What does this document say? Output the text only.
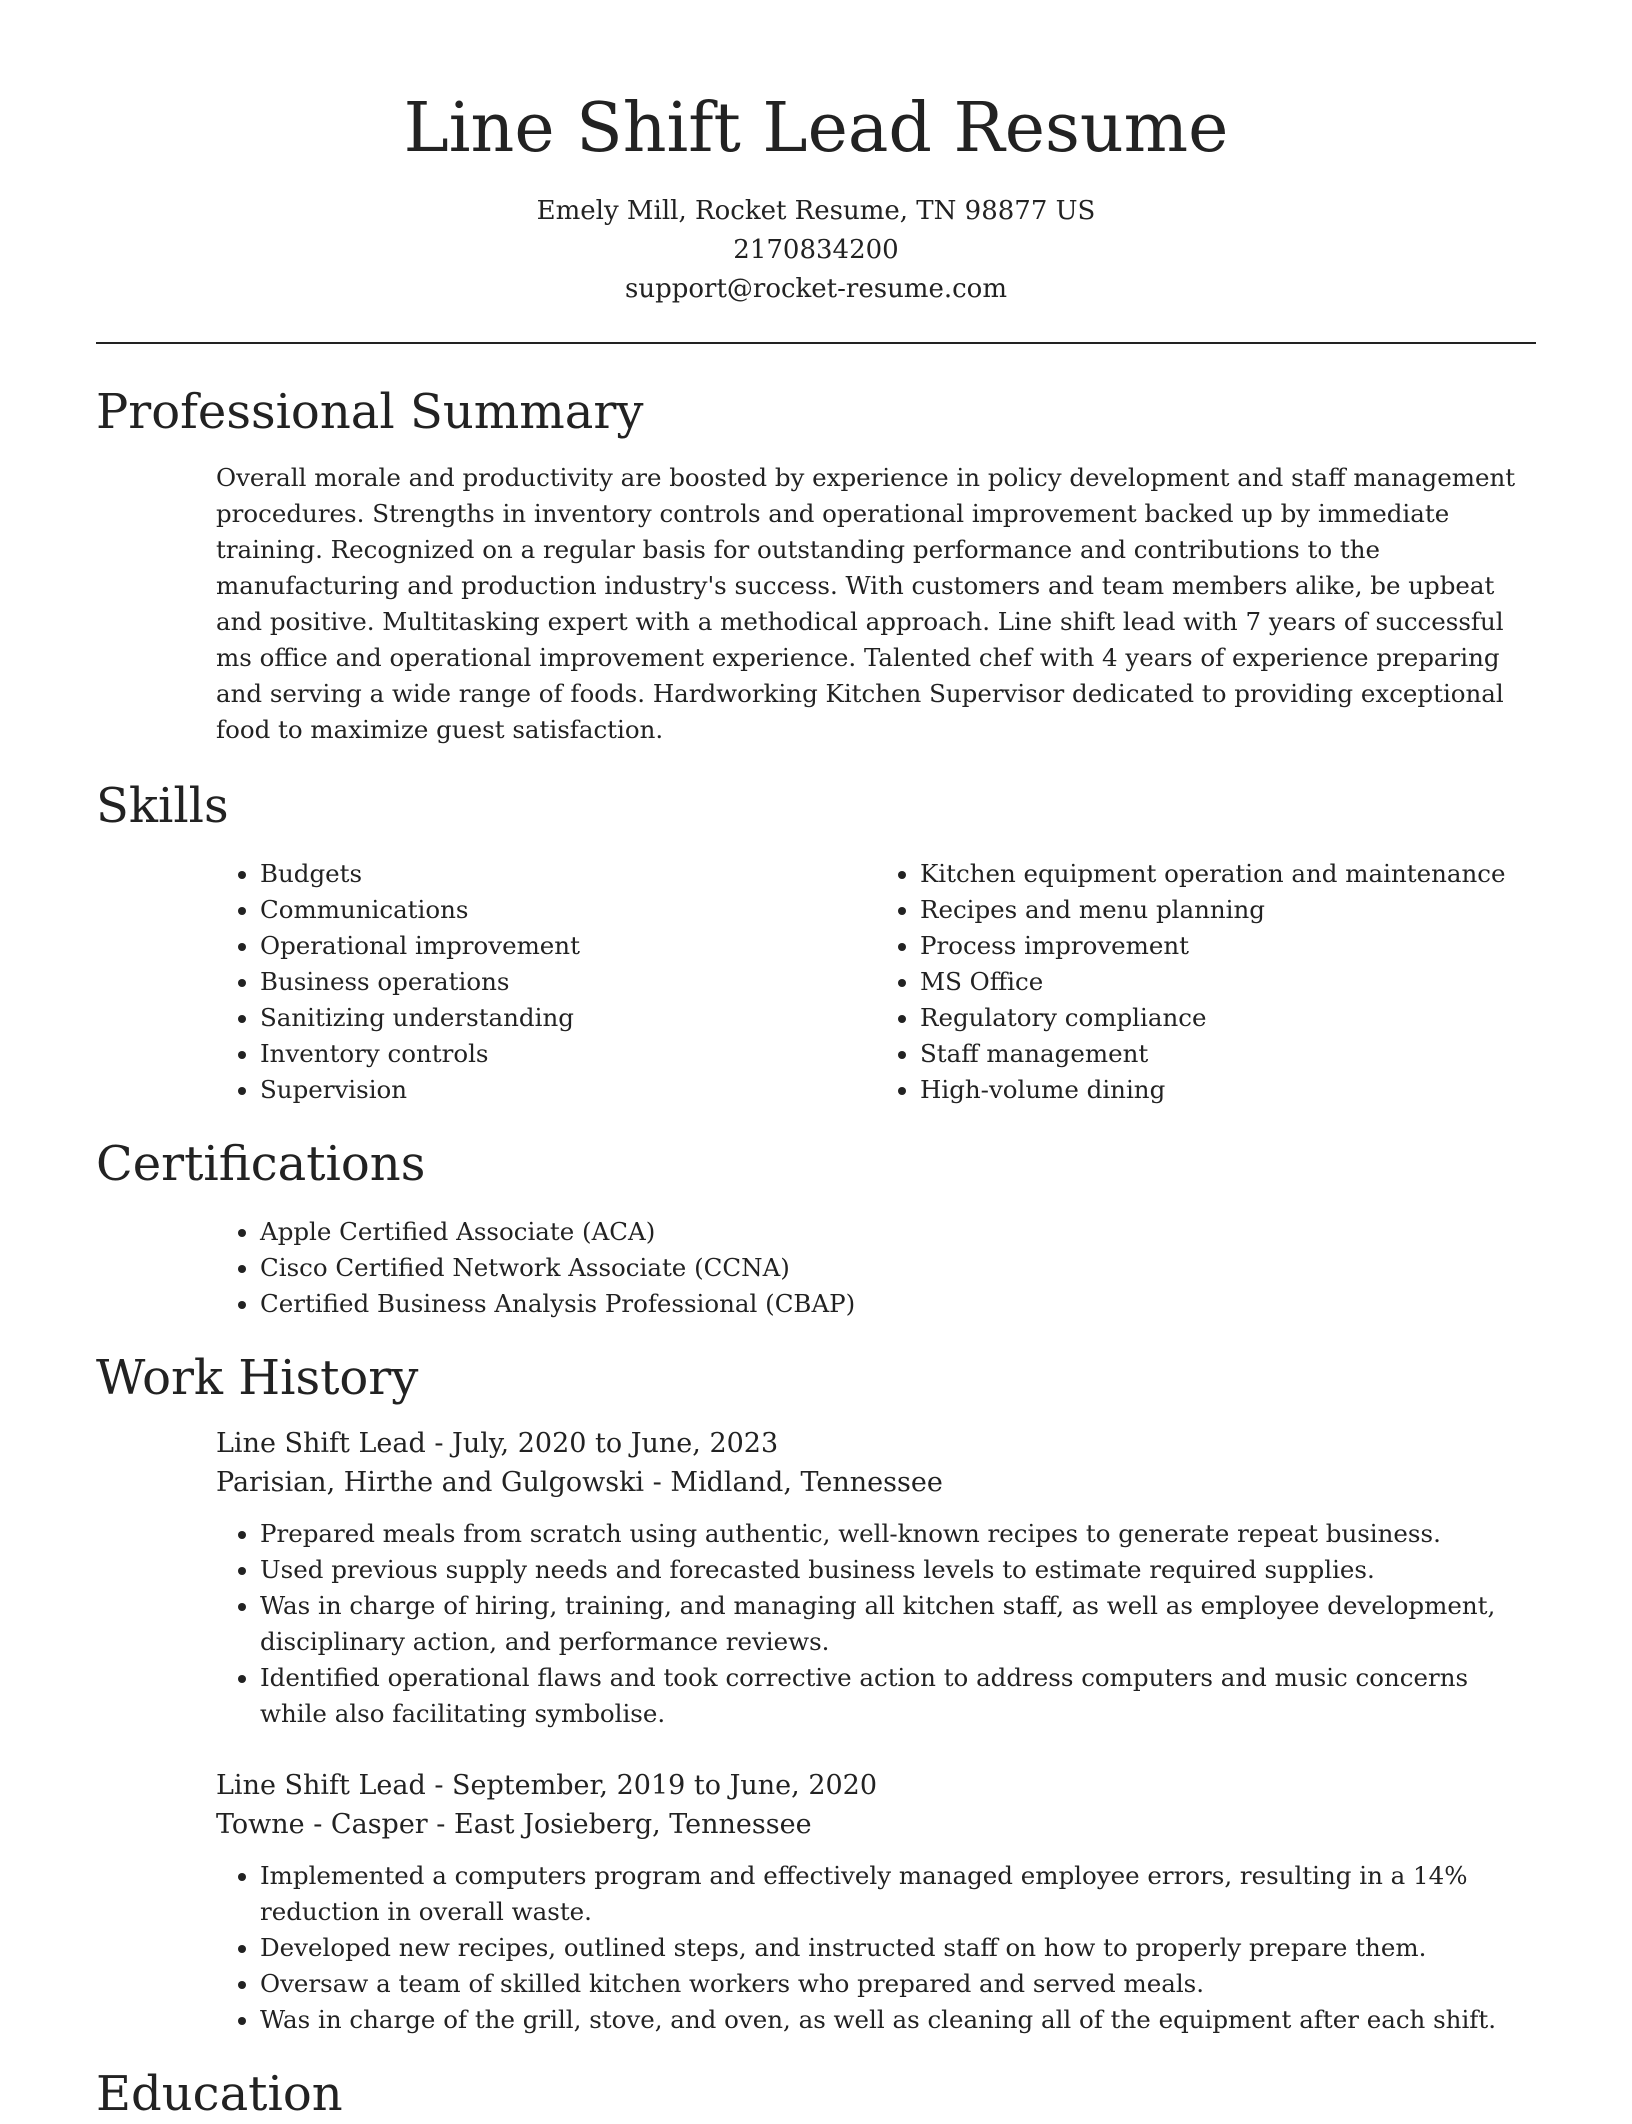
Line Shift Lead Resume
Emely Mill, Rocket Resume, TN 98877 US
2170834200
support@rocket-resume.com
Professional Summary
Overall morale and productivity are boosted by experience in policy development and staff management procedures. Strengths in inventory controls and operational improvement backed up by immediate training. Recognized on a regular basis for outstanding performance and contributions to the manufacturing and production industry's success. With customers and team members alike, be upbeat and positive. Multitasking expert with a methodical approach. Line shift lead with 7 years of successful ms office and operational improvement experience. Talented chef with 4 years of experience preparing and serving a wide range of foods. Hardworking Kitchen Supervisor dedicated to providing exceptional food to maximize guest satisfaction.
Skills
• Budgets
• Communications
• Operational improvement
• Business operations
• Sanitizing understanding
• Inventory controls
• Supervision
• Kitchen equipment operation and maintenance
• Recipes and menu planning
• Process improvement
• MS Office
• Regulatory compliance
• Staff management
• High-volume dining
Certifications
• Apple Certified Associate (ACA)
• Cisco Certified Network Associate (CCNA)
• Certified Business Analysis Professional (CBAP)
Work History
Line Shift Lead - July, 2020 to June, 2023
Parisian, Hirthe and Gulgowski - Midland, Tennessee
• Prepared meals from scratch using authentic, well-known recipes to generate repeat business.
• Used previous supply needs and forecasted business levels to estimate required supplies.
• Was in charge of hiring, training, and managing all kitchen staff, as well as employee development, disciplinary action, and performance reviews.
• Identified operational flaws and took corrective action to address computers and music concerns while also facilitating symbolise.
Line Shift Lead - September, 2019 to June, 2020
Towne - Casper - East Josieberg, Tennessee
• Implemented a computers program and effectively managed employee errors, resulting in a 14% reduction in overall waste.
• Developed new recipes, outlined steps, and instructed staff on how to properly prepare them.
• Oversaw a team of skilled kitchen workers who prepared and served meals.
• Was in charge of the grill, stove, and oven, as well as cleaning all of the equipment after each shift.
Education
